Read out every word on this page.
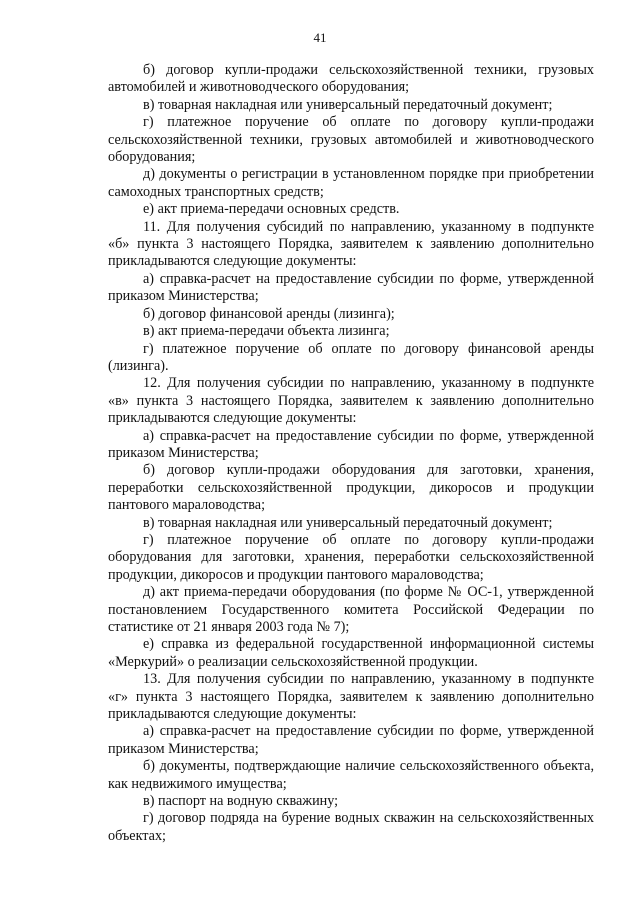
41

б) договор купли-продажи сельскохозяйственной техники, грузовых автомобилей и животноводческого оборудования;

в) товарная накладная или универсальный передаточный документ;

г) платежное поручение об оплате по договору купли-продажи сельскохозяйственной техники, грузовых автомобилей и животноводческого оборудования;

д) документы о регистрации в установленном порядке при приобретении самоходных транспортных средств;

е) акт приема-передачи основных средств.

11. Для получения субсидий по направлению, указанному в подпункте «б» пункта 3 настоящего Порядка, заявителем к заявлению дополнительно прикладываются следующие документы:

а) справка-расчет на предоставление субсидии по форме, утвержденной приказом Министерства;

б) договор финансовой аренды (лизинга);

в) акт приема-передачи объекта лизинга;

г) платежное поручение об оплате по договору финансовой аренды (лизинга).

12. Для получения субсидии по направлению, указанному в подпункте «в» пункта 3 настоящего Порядка, заявителем к заявлению дополнительно прикладываются следующие документы:

а) справка-расчет на предоставление субсидии по форме, утвержденной приказом Министерства;

б) договор купли-продажи оборудования для заготовки, хранения, переработки сельскохозяйственной продукции, дикоросов и продукции пантового мараловодства;

в) товарная накладная или универсальный передаточный документ;

г) платежное поручение об оплате по договору купли-продажи оборудования для заготовки, хранения, переработки сельскохозяйственной продукции, дикоросов и продукции пантового мараловодства;

д) акт приема-передачи оборудования (по форме № ОС-1, утвержденной постановлением Государственного комитета Российской Федерации по статистике от 21 января 2003 года № 7);

е) справка из федеральной государственной информационной системы «Меркурий» о реализации сельскохозяйственной продукции.

13. Для получения субсидии по направлению, указанному в подпункте «г» пункта 3 настоящего Порядка, заявителем к заявлению дополнительно прикладываются следующие документы:

а) справка-расчет на предоставление субсидии по форме, утвержденной приказом Министерства;

б) документы, подтверждающие наличие сельскохозяйственного объекта, как недвижимого имущества;

в) паспорт на водную скважину;

г) договор подряда на бурение водных скважин на сельскохозяйственных объектах;
